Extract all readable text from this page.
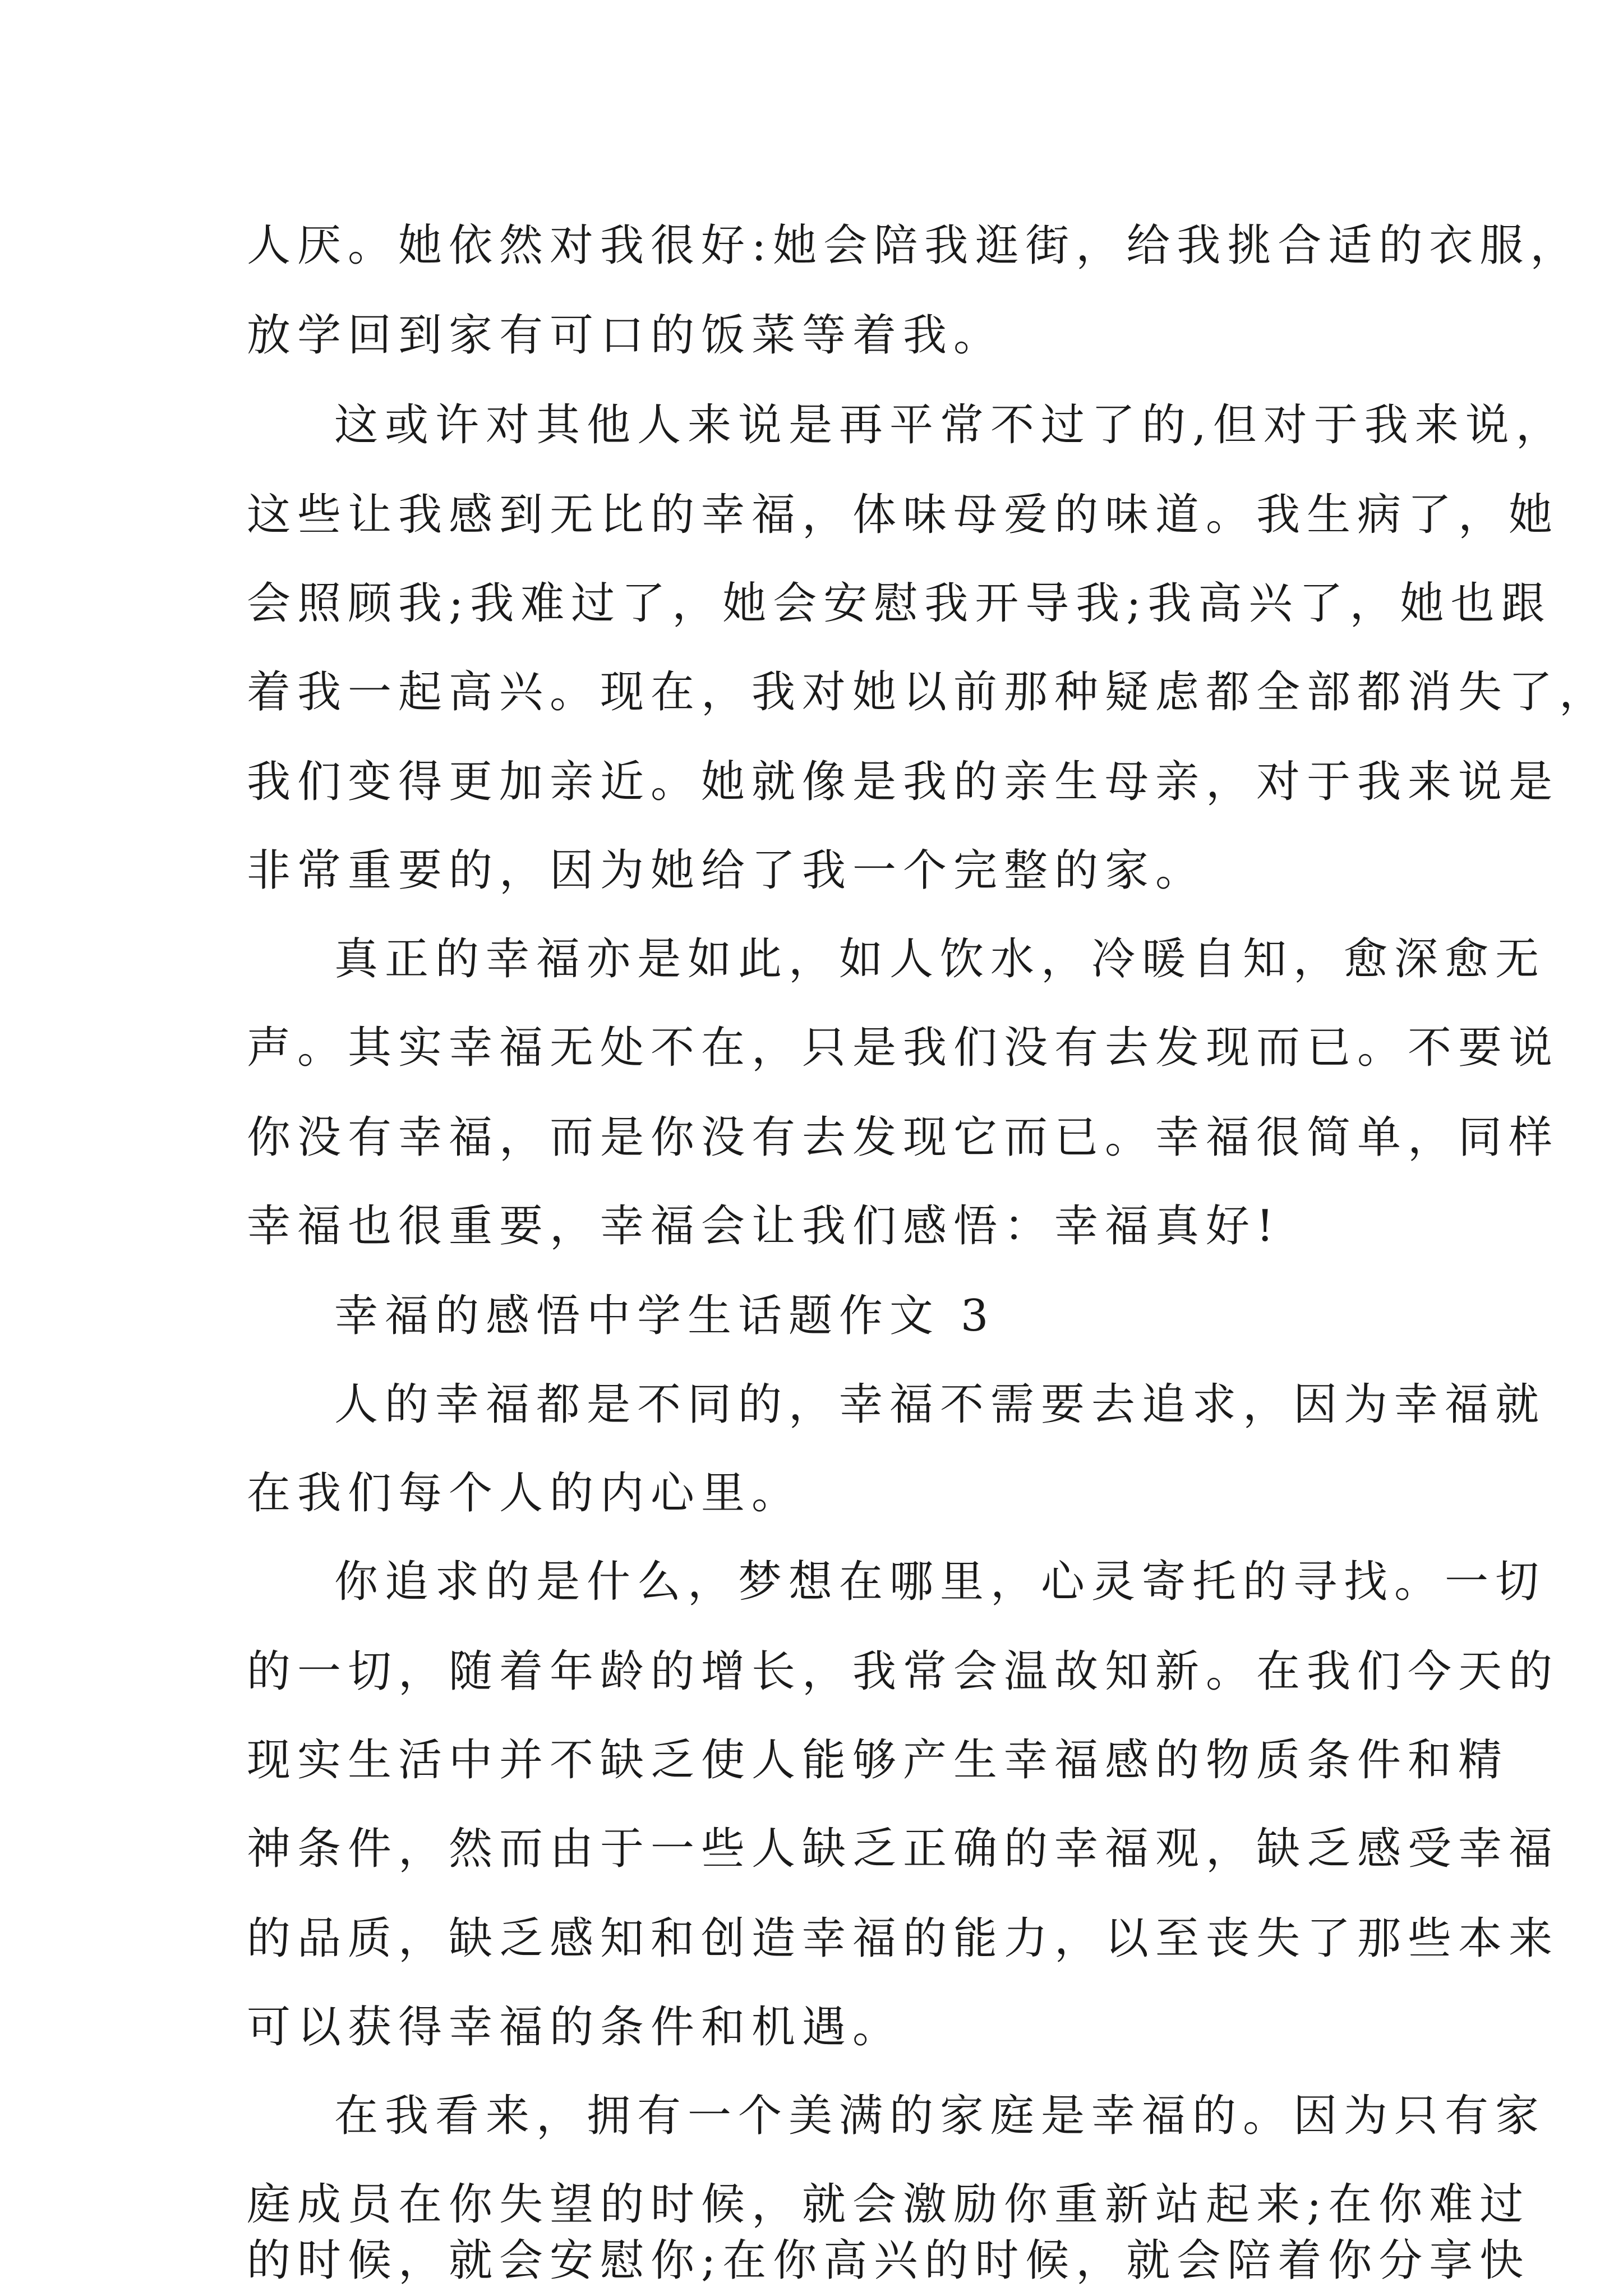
人厌。她依然对我很好:她会陪我逛街，给我挑合适的衣服，
放学回到家有可口的饭菜等着我。
这或许对其他人来说是再平常不过了的,但对于我来说，
这些让我感到无比的幸福，体味母爱的味道。我生病了，她
会照顾我;我难过了，她会安慰我开导我;我高兴了，她也跟
着我一起高兴。现在，我对她以前那种疑虑都全部都消失了，
我们变得更加亲近。她就像是我的亲生母亲，对于我来说是
非常重要的，因为她给了我一个完整的家。
真正的幸福亦是如此，如人饮水，冷暖自知，愈深愈无
声。其实幸福无处不在，只是我们没有去发现而已。不要说
你没有幸福，而是你没有去发现它而已。幸福很简单，同样
幸福也很重要，幸福会让我们感悟：幸福真好!
幸福的感悟中学生话题作文 3
人的幸福都是不同的，幸福不需要去追求，因为幸福就
在我们每个人的内心里。
你追求的是什么，梦想在哪里，心灵寄托的寻找。一切
的一切，随着年龄的增长，我常会温故知新。在我们今天的
现实生活中并不缺乏使人能够产生幸福感的物质条件和精
神条件，然而由于一些人缺乏正确的幸福观，缺乏感受幸福
的品质，缺乏感知和创造幸福的能力，以至丧失了那些本来
可以获得幸福的条件和机遇。
在我看来，拥有一个美满的家庭是幸福的。因为只有家
庭成员在你失望的时候，就会激励你重新站起来;在你难过
的时候，就会安慰你;在你高兴的时候，就会陪着你分享快
